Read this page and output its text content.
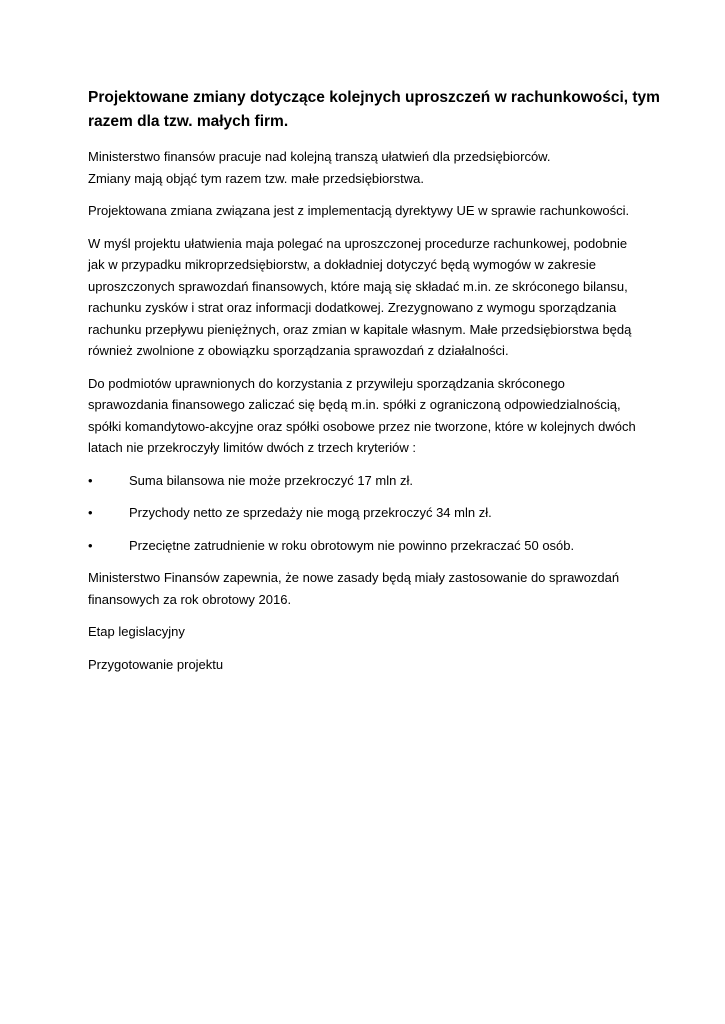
Projektowane zmiany dotyczące kolejnych uproszczeń w rachunkowości, tym
razem dla tzw. małych firm.

Ministerstwo finansów pracuje nad kolejną transzą ułatwień dla przedsiębiorców.
Zmiany mają objąć tym razem tzw. małe przedsiębiorstwa.

Projektowana zmiana związana jest z implementacją dyrektywy UE w sprawie rachunkowości.

W myśl projektu ułatwienia maja polegać na uproszczonej procedurze rachunkowej, podobnie
jak w przypadku mikroprzedsiębiorstw, a dokładniej dotyczyć będą wymogów w zakresie
uproszczonych sprawozdań finansowych, które mają się składać m.in. ze skróconego bilansu,
rachunku zysków i strat oraz informacji dodatkowej. Zrezygnowano z wymogu sporządzania
rachunku przepływu pieniężnych, oraz zmian w kapitale własnym. Małe przedsiębiorstwa będą
również zwolnione z obowiązku sporządzania sprawozdań z działalności.

Do podmiotów uprawnionych do korzystania z przywileju sporządzania skróconego
sprawozdania finansowego zaliczać się będą m.in. spółki z ograniczoną odpowiedzialnością,
spółki komandytowo-akcyjne oraz spółki osobowe przez nie tworzone, które w kolejnych dwóch
latach nie przekroczyły limitów dwóch z trzech kryteriów :

•	Suma bilansowa nie może przekroczyć 17 mln zł.
•	Przychody netto ze sprzedaży nie mogą przekroczyć 34 mln zł.
•	Przeciętne zatrudnienie w roku obrotowym nie powinno przekraczać 50 osób.

Ministerstwo Finansów zapewnia, że nowe zasady będą miały zastosowanie do sprawozdań
finansowych za rok obrotowy 2016.

Etap legislacyjny

Przygotowanie projektu
